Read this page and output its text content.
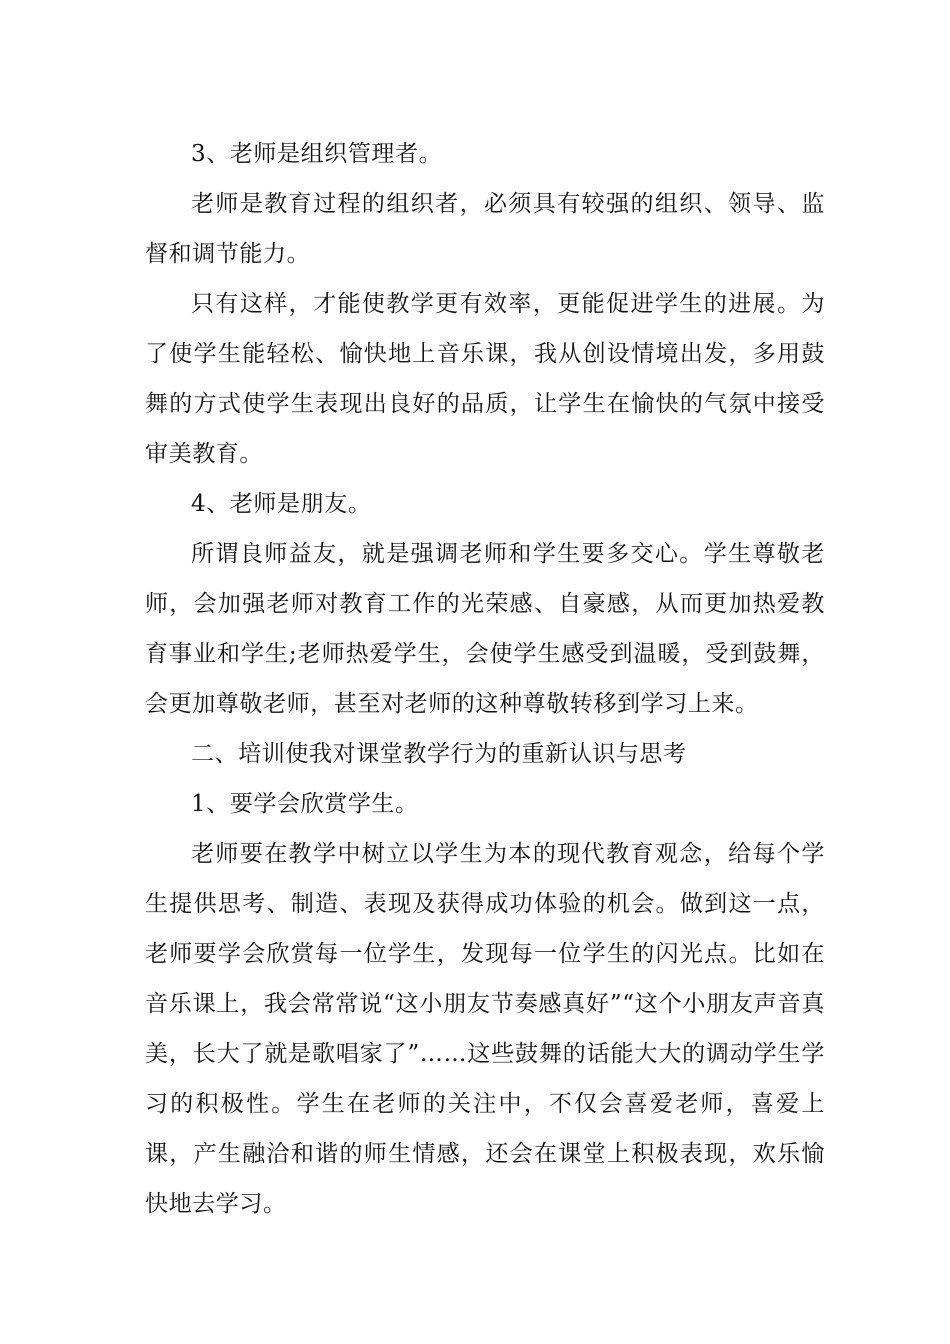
3、老师是组织管理者。

老师是教育过程的组织者，必须具有较强的组织、领导、监督和调节能力。

只有这样，才能使教学更有效率，更能促进学生的进展。为了使学生能轻松、愉快地上音乐课，我从创设情境出发，多用鼓舞的方式使学生表现出良好的品质，让学生在愉快的气氛中接受审美教育。

4、老师是朋友。

所谓良师益友，就是强调老师和学生要多交心。学生尊敬老师，会加强老师对教育工作的光荣感、自豪感，从而更加热爱教育事业和学生;老师热爱学生，会使学生感受到温暖，受到鼓舞，会更加尊敬老师，甚至对老师的这种尊敬转移到学习上来。

二、培训使我对课堂教学行为的重新认识与思考

1、要学会欣赏学生。

老师要在教学中树立以学生为本的现代教育观念，给每个学生提供思考、制造、表现及获得成功体验的机会。做到这一点，老师要学会欣赏每一位学生，发现每一位学生的闪光点。比如在音乐课上，我会常常说“这小朋友节奏感真好”“这个小朋友声音真美，长大了就是歌唱家了”……这些鼓舞的话能大大的调动学生学习的积极性。学生在老师的关注中，不仅会喜爱老师，喜爱上课，产生融洽和谐的师生情感，还会在课堂上积极表现，欢乐愉快地去学习。
